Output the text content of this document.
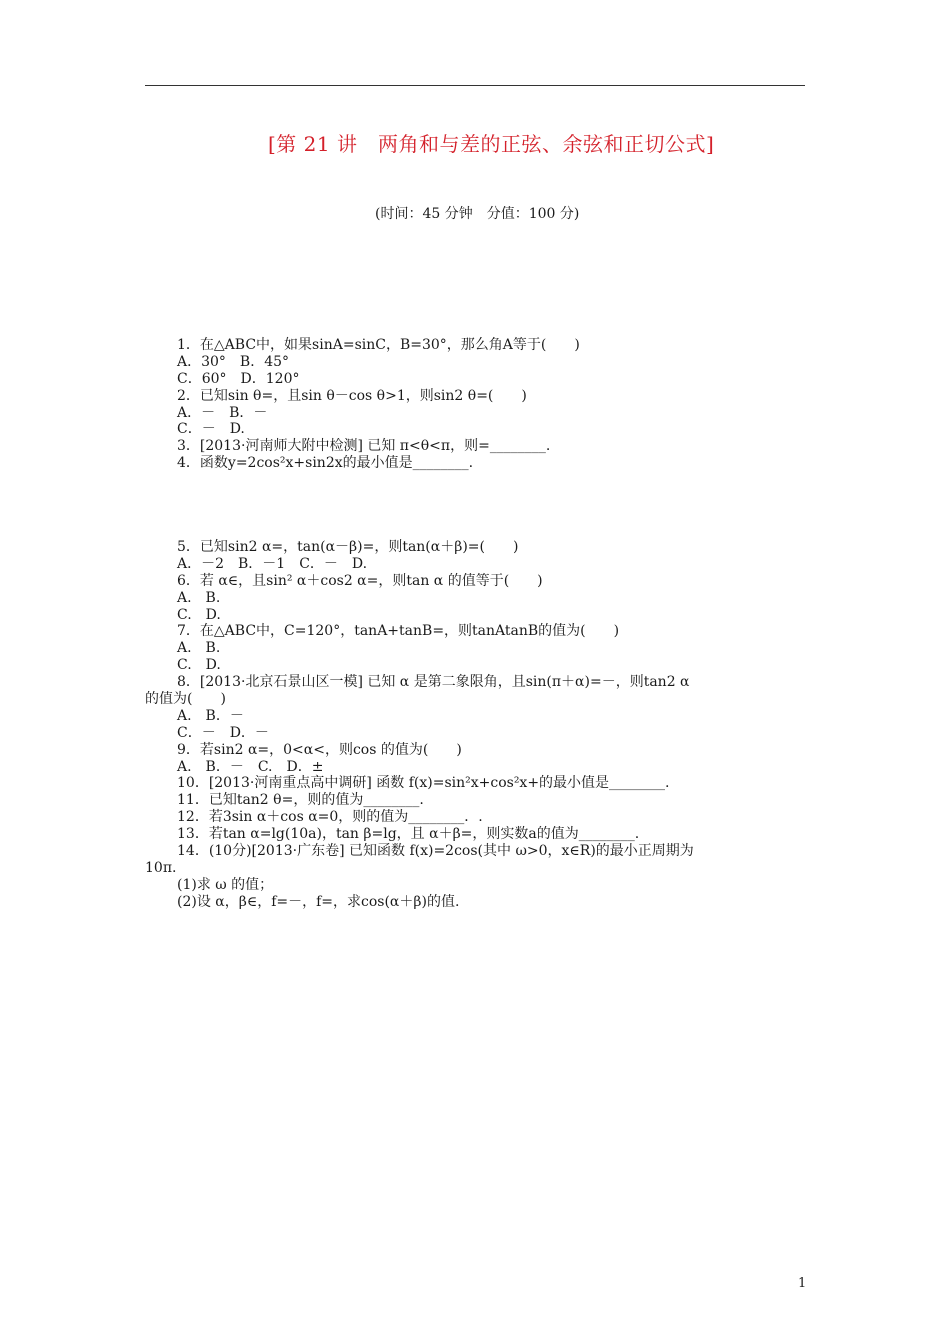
[第 21 讲　两角和与差的正弦、余弦和正切公式]
(时间：45 分钟　分值：100 分)
1．在△ABC中，如果sinA=sinC，B=30°，那么角A等于(　　)
A．30°　B．45°
C．60°　D．120°
2．已知sin θ=，且sin θ－cos θ>1，则sin2 θ=(　　)
A．－　B．－
C．－　D.
3．[2013·河南师大附中检测] 已知 π<θ<π，则=________.
4．函数y=2cos²x+sin2x的最小值是________.
5．已知sin2 α=，tan(α－β)=，则tan(α＋β)=(　　)
A．－2　B．－1　C．－　D.
6．若 α∈，且sin² α＋cos2 α=，则tan α 的值等于(　　)
A.　B.
C.　D.
7．在△ABC中，C=120°，tanA+tanB=，则tanAtanB的值为(　　)
A.　B.
C.　D.
8．[2013·北京石景山区一模] 已知 α 是第二象限角，且sin(π＋α)=－，则tan2 α
的值为(　　)
A.　B．－
C．－　D．－
9．若sin2 α=，0<α<，则cos 的值为(　　)
A.　B．－　C.　D．±
10．[2013·河南重点高中调研] 函数 f(x)=sin²x+cos²x+的最小值是________.
11．已知tan2 θ=，则的值为________.
12．若3sin α＋cos α=0，则的值为________．.
13．若tan α=lg(10a)，tan β=lg，且 α＋β=，则实数a的值为________.
14．(10分)[2013·广东卷] 已知函数 f(x)=2cos(其中 ω>0，x∈R)的最小正周期为
10π.
(1)求 ω 的值；
(2)设 α，β∈，f=－，f=，求cos(α＋β)的值.
1
